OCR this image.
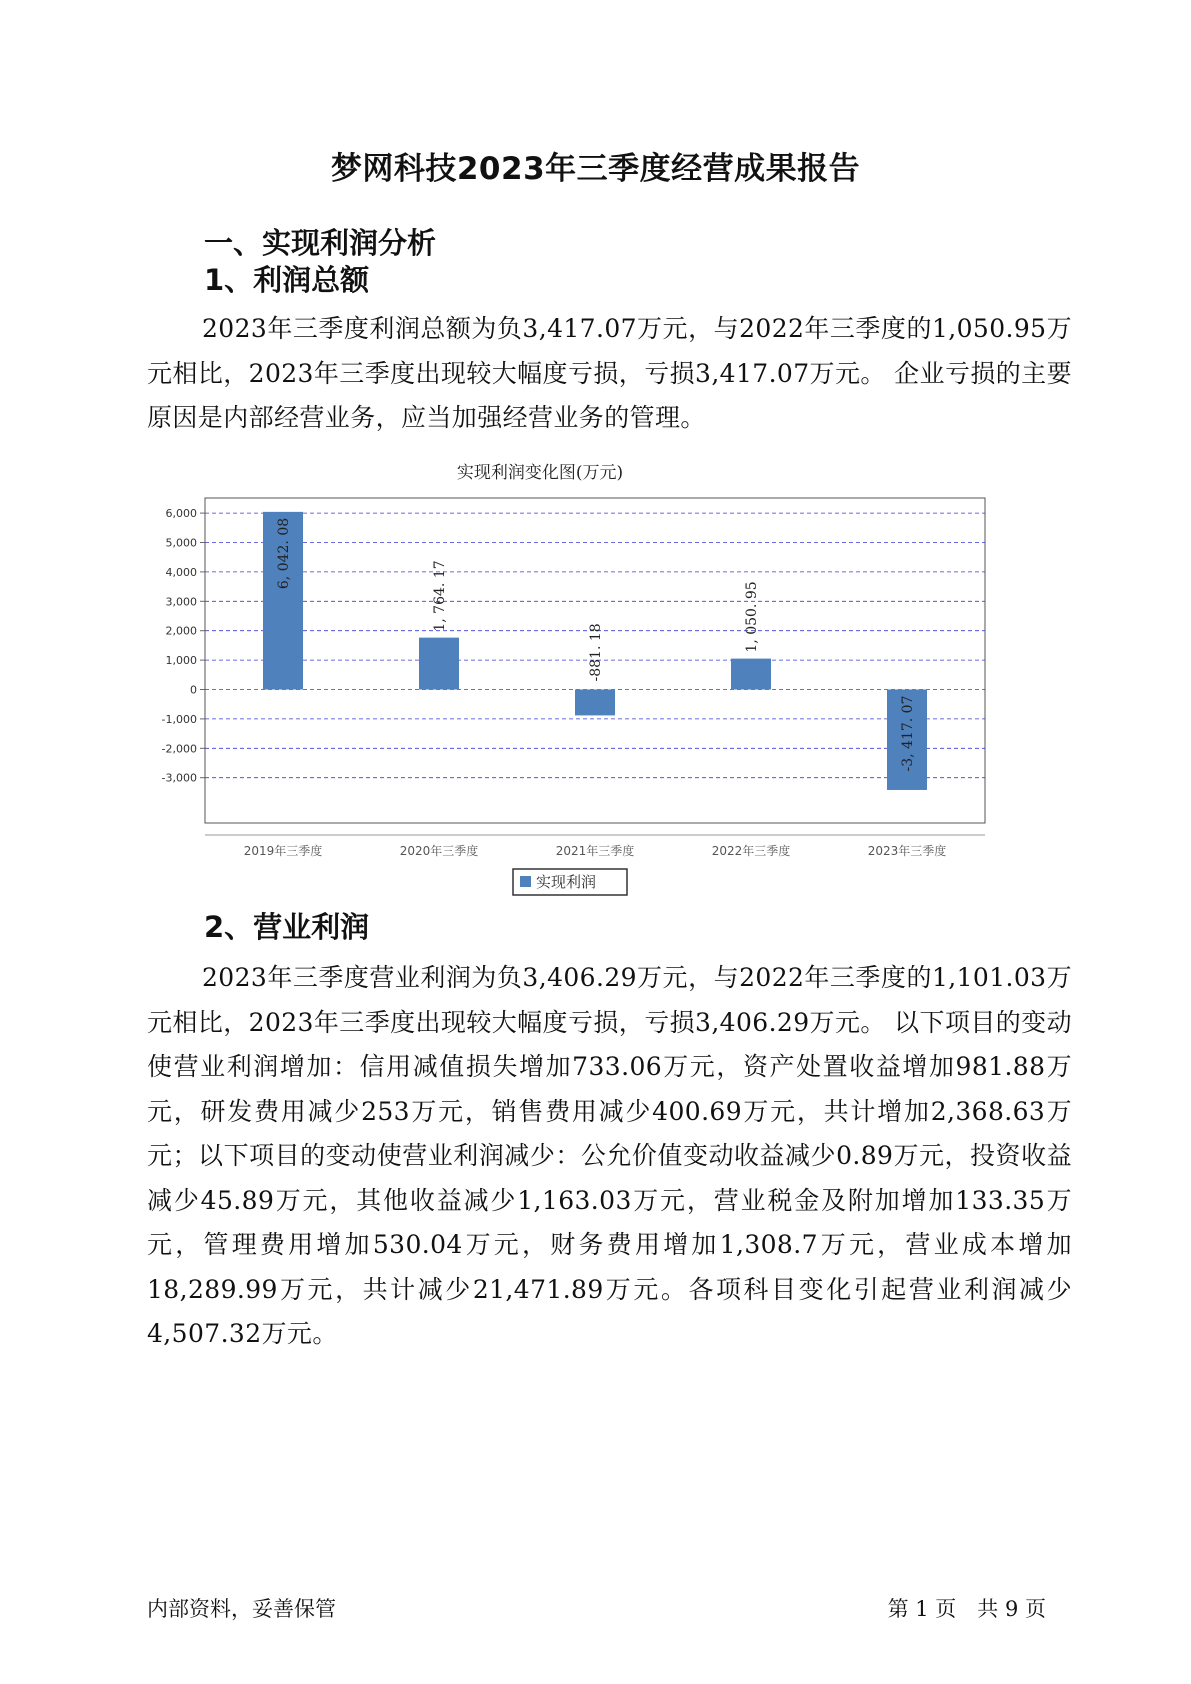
梦网科技2023年三季度经营成果报告
一、实现利润分析
1、利润总额

2023年三季度利润总额为负3,417.07万元，与2022年三季度的1,050.95万元相比，2023年三季度出现较大幅度亏损，亏损3,417.07万元。 企业亏损的主要原因是内部经营业务，应当加强经营业务的管理。

实现利润变化图(万元)
6,000
5,000
4,000
3,000
2,000
1,000
0
-1,000
-2,000
-3,000
6, 042. 08
1, 764. 17
-881. 18	1, 050. 95
-3, 417. 07
2019年三季度	2020年三季度	2021年三季度	2022年三季度	2023年三季度
实现利润
2、营业利润

2023年三季度营业利润为负3,406.29万元，与2022年三季度的1,101.03万元相比，2023年三季度出现较大幅度亏损，亏损3,406.29万元。 以下项目的变动使营业利润增加：信用减值损失增加733.06万元，资产处置收益增加981.88万元，研发费用减少253万元，销售费用减少400.69万元，共计增加2,368.63万元；以下项目的变动使营业利润减少：公允价值变动收益减少0.89万元，投资收益减少45.89万元，其他收益减少1,163.03万元，营业税金及附加增加133.35万元，管理费用增加530.04万元，财务费用增加1,308.7万元，营业成本增加18,289.99万元，共计减少21,471.89万元。各项科目变化引起营业利润减少4,507.32万元。

内部资料，妥善保管	第 1 页　共 9 页
